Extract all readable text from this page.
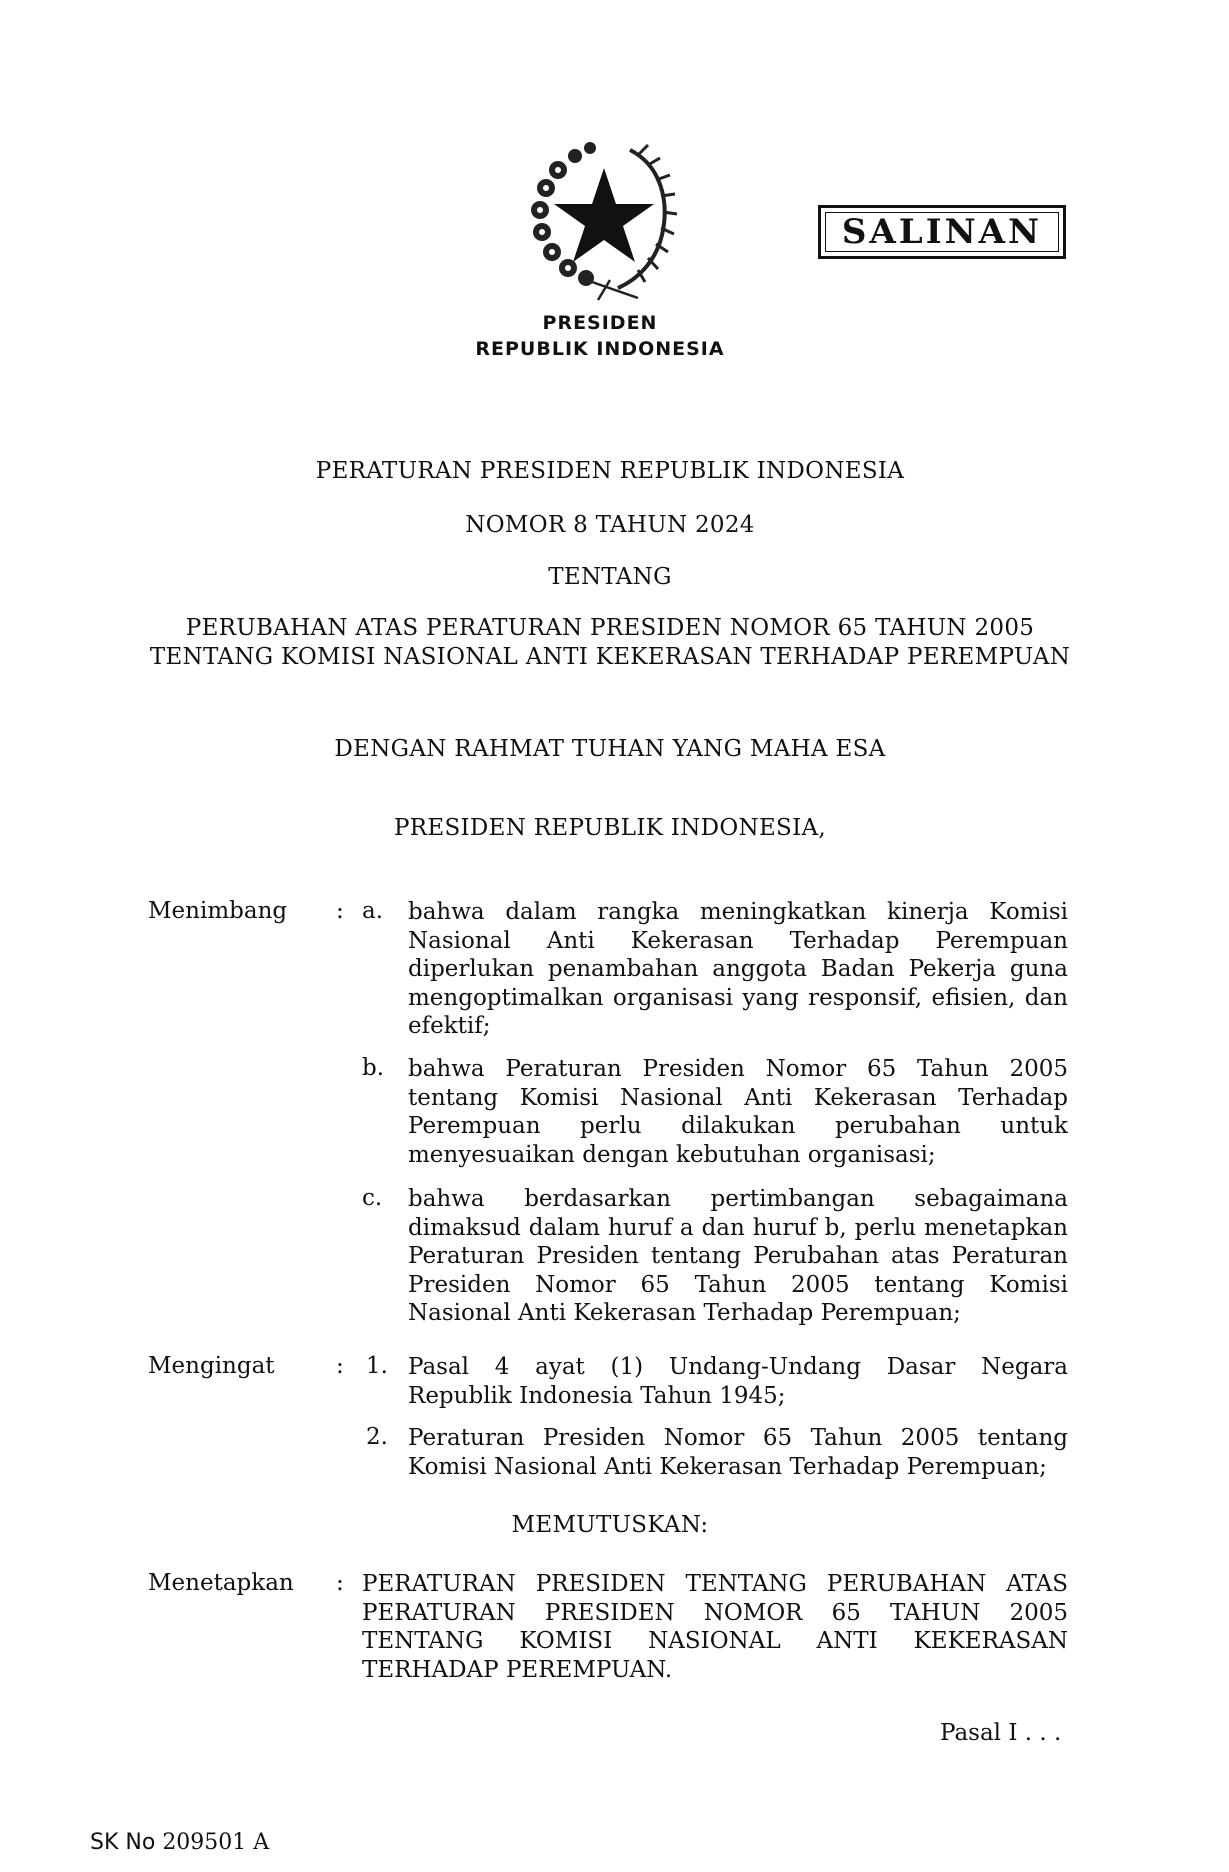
PRESIDEN
REPUBLIK INDONESIA
SALINAN
PERATURAN PRESIDEN REPUBLIK INDONESIA
NOMOR 8 TAHUN 2024
TENTANG
PERUBAHAN ATAS PERATURAN PRESIDEN NOMOR 65 TAHUN 2005
TENTANG KOMISI NASIONAL ANTI KEKERASAN TERHADAP PEREMPUAN
DENGAN RAHMAT TUHAN YANG MAHA ESA
PRESIDEN REPUBLIK INDONESIA,
Menimbang : a. bahwa dalam rangka meningkatkan kinerja Komisi Nasional Anti Kekerasan Terhadap Perempuan diperlukan penambahan anggota Badan Pekerja guna mengoptimalkan organisasi yang responsif, efisien, dan efektif;
b. bahwa Peraturan Presiden Nomor 65 Tahun 2005 tentang Komisi Nasional Anti Kekerasan Terhadap Perempuan perlu dilakukan perubahan untuk menyesuaikan dengan kebutuhan organisasi;
c. bahwa berdasarkan pertimbangan sebagaimana dimaksud dalam huruf a dan huruf b, perlu menetapkan Peraturan Presiden tentang Perubahan atas Peraturan Presiden Nomor 65 Tahun 2005 tentang Komisi Nasional Anti Kekerasan Terhadap Perempuan;
Mengingat	: 1. Pasal 4 ayat (1) Undang-Undang Dasar Negara Republik Indonesia Tahun 1945;
2. Peraturan Presiden Nomor 65 Tahun 2005 tentang Komisi Nasional Anti Kekerasan Terhadap Perempuan;
MEMUTUSKAN:
Menetapkan : PERATURAN PRESIDEN TENTANG PERUBAHAN ATAS PERATURAN PRESIDEN NOMOR 65 TAHUN 2005 TENTANG KOMISI NASIONAL ANTI KEKERASAN TERHADAP PEREMPUAN.
Pasal I . . .
SK No 209501 A
